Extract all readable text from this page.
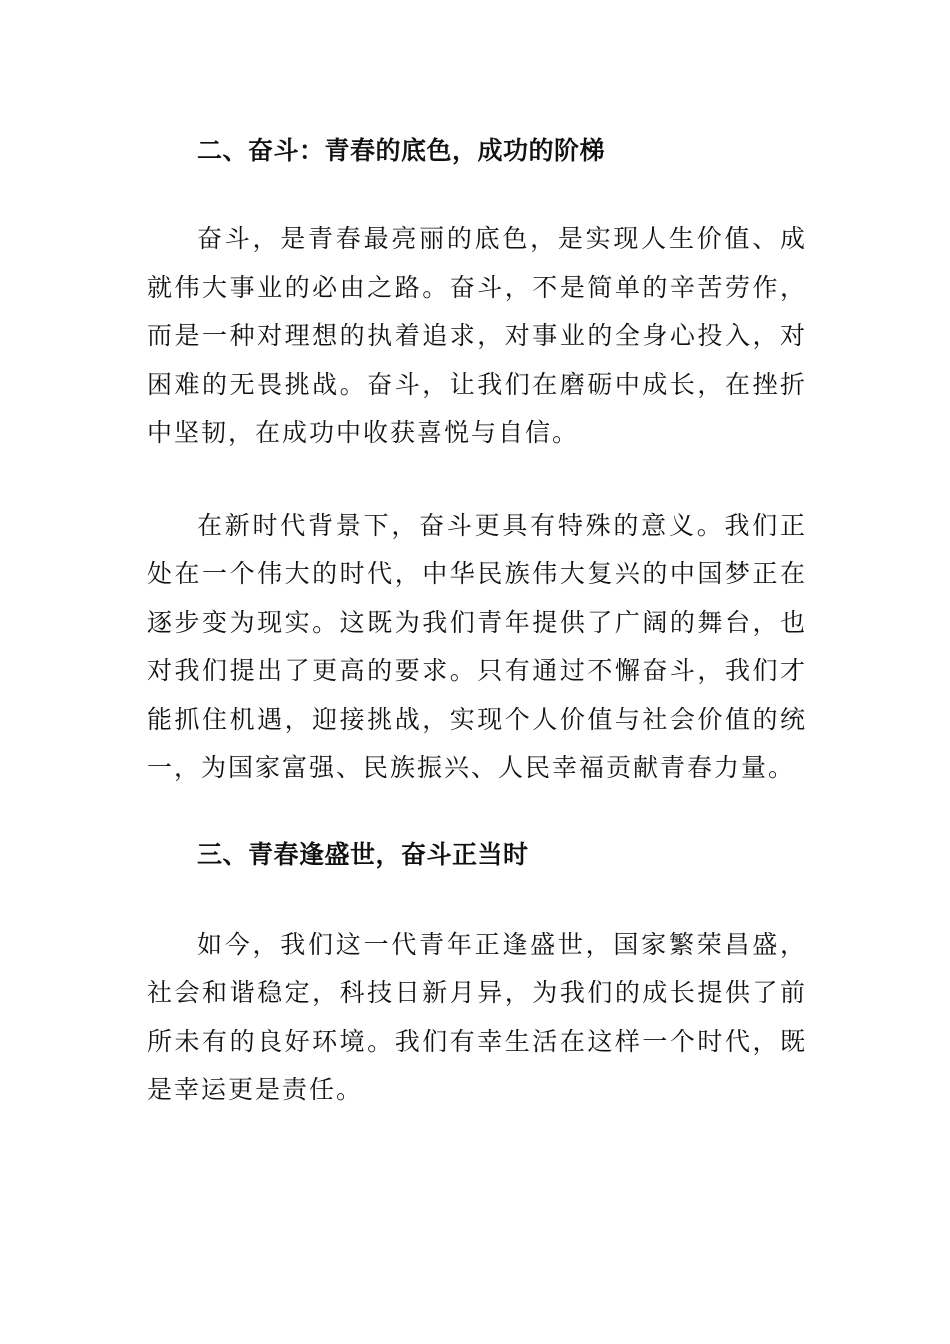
二、奋斗：青春的底色，成功的阶梯

奋斗，是青春最亮丽的底色，是实现人生价值、成就伟大事业的必由之路。奋斗，不是简单的辛苦劳作，而是一种对理想的执着追求，对事业的全身心投入，对困难的无畏挑战。奋斗，让我们在磨砺中成长，在挫折中坚韧，在成功中收获喜悦与自信。

在新时代背景下，奋斗更具有特殊的意义。我们正处在一个伟大的时代，中华民族伟大复兴的中国梦正在逐步变为现实。这既为我们青年提供了广阔的舞台，也对我们提出了更高的要求。只有通过不懈奋斗，我们才能抓住机遇，迎接挑战，实现个人价值与社会价值的统一，为国家富强、民族振兴、人民幸福贡献青春力量。

三、青春逢盛世，奋斗正当时

如今，我们这一代青年正逢盛世，国家繁荣昌盛，社会和谐稳定，科技日新月异，为我们的成长提供了前所未有的良好环境。我们有幸生活在这样一个时代，既是幸运更是责任。
